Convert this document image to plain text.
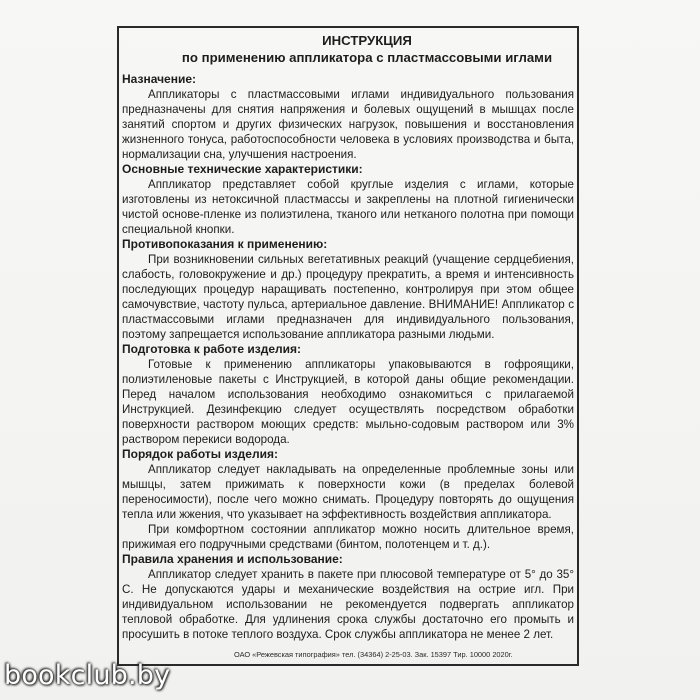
ИНСТРУКЦИЯ
по применению аппликатора с пластмассовыми иглами
Назначение:
Аппликаторы с пластмассовыми иглами индивидуального пользования предназначены для снятия напряжения и болевых ощущений в мышцах после занятий спортом и других физических нагрузок, повышения и восстановления жизненного тонуса, работоспособности человека в условиях производства и быта, нормализации сна, улучшения настроения.
Основные технические характеристики:
Аппликатор представляет собой круглые изделия с иглами, которые изготовлены из нетоксичной пластмассы и закреплены на плотной гигиенически чистой основе-пленке из полиэтилена, тканого или нетканого полотна при помощи специальной кнопки.
Противопоказания к применению:
При возникновении сильных вегетативных реакций (учащение сердцебиения, слабость, головокружение и др.) процедуру прекратить, а время и интенсивность последующих процедур наращивать постепенно, контролируя при этом общее самочувствие, частоту пульса, артериальное давление. ВНИМАНИЕ! Аппликатор с пластмассовыми иглами предназначен для индивидуального пользования, поэтому запрещается использование аппликатора разными людьми.
Подготовка к работе изделия:
Готовые к применению аппликаторы упаковываются в гофроящики, полиэтиленовые пакеты с Инструкцией, в которой даны общие рекомендации. Перед началом использования необходимо ознакомиться с прилагаемой Инструкцией. Дезинфекцию следует осуществлять посредством обработки поверхности раствором моющих средств: мыльно-содовым раствором или 3% раствором перекиси водорода.
Порядок работы изделия:
Аппликатор следует накладывать на определенные проблемные зоны или мышцы, затем прижимать к поверхности кожи (в пределах болевой переносимости), после чего можно снимать. Процедуру повторять до ощущения тепла или жжения, что указывает на эффективность воздействия аппликатора.
При комфортном состоянии аппликатор можно носить длительное время, прижимая его подручными средствами (бинтом, полотенцем и т. д.).
Правила хранения и использование:
Аппликатор следует хранить в пакете при плюсовой температуре от 5° до 35° С. Не допускаются удары и механические воздействия на острие игл. При индивидуальном использовании не рекомендуется подвергать аппликатор тепловой обработке. Для удлинения срока службы достаточно его промыть и просушить в потоке теплого воздуха. Срок службы аппликатора не менее 2 лет.
ОАО «Режевская типография» тел. (34364) 2-25-03. Зак. 15397 Тир. 10000 2020г.
bookclub.by
